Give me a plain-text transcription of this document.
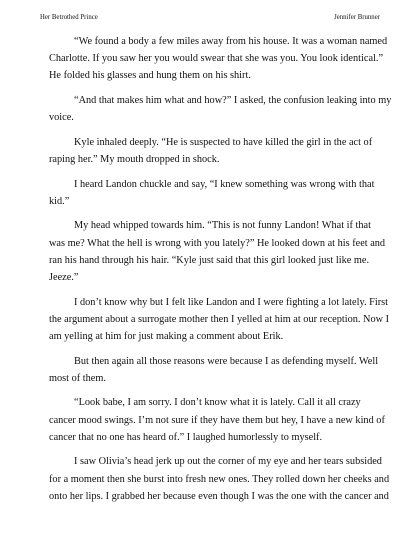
Her Betrothed Prince	Jennifer Brunner

“We found a body a few miles away from his house. It was a woman named
Charlotte. If you saw her you would swear that she was you. You look identical.”
He folded his glasses and hung them on his shirt.

“And that makes him what and how?” I asked, the confusion leaking into my
voice.

Kyle inhaled deeply. “He is suspected to have killed the girl in the act of
raping her.” My mouth dropped in shock.

I heard Landon chuckle and say, “I knew something was wrong with that
kid.”

My head whipped towards him. “This is not funny Landon! What if that
was me? What the hell is wrong with you lately?” He looked down at his feet and
ran his hand through his hair. “Kyle just said that this girl looked just like me.
Jeeze.”

I don’t know why but I felt like Landon and I were fighting a lot lately. First
the argument about a surrogate mother then I yelled at him at our reception. Now I
am yelling at him for just making a comment about Erik.

But then again all those reasons were because I as defending myself. Well
most of them.

“Look babe, I am sorry. I don’t know what it is lately. Call it all crazy
cancer mood swings. I’m not sure if they have them but hey, I have a new kind of
cancer that no one has heard of.” I laughed humorlessly to myself.

I saw Olivia’s head jerk up out the corner of my eye and her tears subsided
for a moment then she burst into fresh new ones. They rolled down her cheeks and
onto her lips. I grabbed her because even though I was the one with the cancer and
